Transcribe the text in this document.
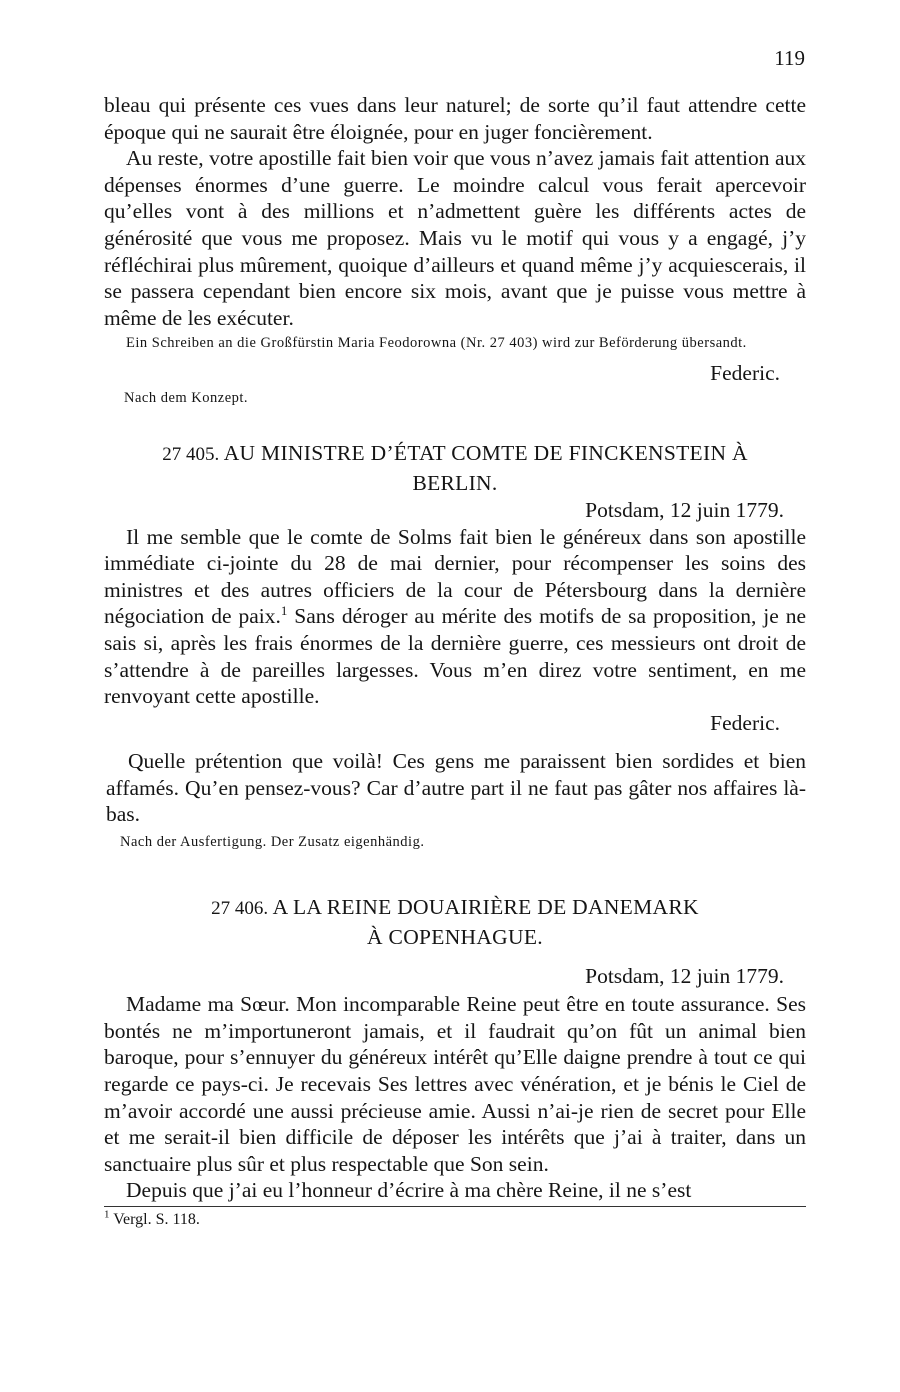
119

bleau qui présente ces vues dans leur naturel; de sorte qu’il faut attendre cette époque qui ne saurait être éloignée, pour en juger foncièrement.

Au reste, votre apostille fait bien voir que vous n’avez jamais fait attention aux dépenses énormes d’une guerre. Le moindre calcul vous ferait apercevoir qu’elles vont à des millions et n’admettent guère les différents actes de générosité que vous me proposez. Mais vu le motif qui vous y a engagé, j’y réfléchirai plus mûrement, quoique d’ailleurs et quand même j’y acquiescerais, il se passera cependant bien encore six mois, avant que je puisse vous mettre à même de les exécuter.

Ein Schreiben an die Großfürstin Maria Feodorowna (Nr. 27 403) wird zur Beförderung übersandt.

Federic.

Nach dem Konzept.

27 405. AU MINISTRE D’ÉTAT COMTE DE FINCKENSTEIN À

BERLIN.

Potsdam, 12 juin 1779.

Il me semble que le comte de Solms fait bien le généreux dans son apostille immédiate ci-jointe du 28 de mai dernier, pour récompenser les soins des ministres et des autres officiers de la cour de Pétersbourg dans la dernière négociation de paix.$^1$ Sans déroger au mérite des motifs de sa proposition, je ne sais si, après les frais énormes de la dernière guerre, ces messieurs ont droit de s’attendre à de pareilles largesses. Vous m’en direz votre sentiment, en me renvoyant cette apostille.

Federic.

Quelle prétention que voilà! Ces gens me paraissent bien sordides et bien affamés. Qu’en pensez-vous? Car d’autre part il ne faut pas gâter nos affaires là-bas.

Nach der Ausfertigung. Der Zusatz eigenhändig.

27 406. A LA REINE DOUAIRIÈRE DE DANEMARK

À COPENHAGUE.

Potsdam, 12 juin 1779.

Madame ma Sœur. Mon incomparable Reine peut être en toute assurance. Ses bontés ne m’importuneront jamais, et il faudrait qu’on fût un animal bien baroque, pour s’ennuyer du généreux intérêt qu’Elle daigne prendre à tout ce qui regarde ce pays-ci. Je recevais Ses lettres avec vénération, et je bénis le Ciel de m’avoir accordé une aussi précieuse amie. Aussi n’ai-je rien de secret pour Elle et me serait-il bien difficile de déposer les intérêts que j’ai à traiter, dans un sanctuaire plus sûr et plus respectable que Son sein.

Depuis que j’ai eu l’honneur d’écrire à ma chère Reine, il ne s’est

$^1$ Vergl. S. 118.
